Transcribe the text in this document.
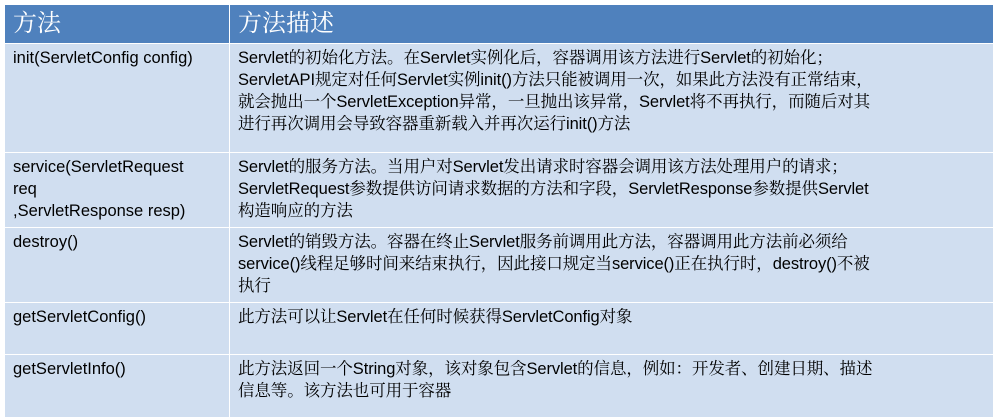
方法	方法描述
init(ServletConfig config)	Servlet的初始化方法。在Servlet实例化后，容器调用该方法进行Servlet的初始化；
ServletAPI规定对任何Servlet实例init()方法只能被调用一次，如果此方法没有正常结束，
就会抛出一个ServletException异常，一旦抛出该异常，Servlet将不再执行，而随后对其
进行再次调用会导致容器重新载入并再次运行init()方法
service(ServletRequest
req
,ServletResponse resp)	Servlet的服务方法。当用户对Servlet发出请求时容器会调用该方法处理用户的请求；
ServletRequest参数提供访问请求数据的方法和字段，ServletResponse参数提供Servlet
构造响应的方法
destroy()	Servlet的销毁方法。容器在终止Servlet服务前调用此方法，容器调用此方法前必须给
service()线程足够时间来结束执行，因此接口规定当service()正在执行时，destroy()不被
执行
getServletConfig()	此方法可以让Servlet在任何时候获得ServletConfig对象
getServletInfo()	此方法返回一个String对象，该对象包含Servlet的信息，例如：开发者、创建日期、描述
信息等。该方法也可用于容器
